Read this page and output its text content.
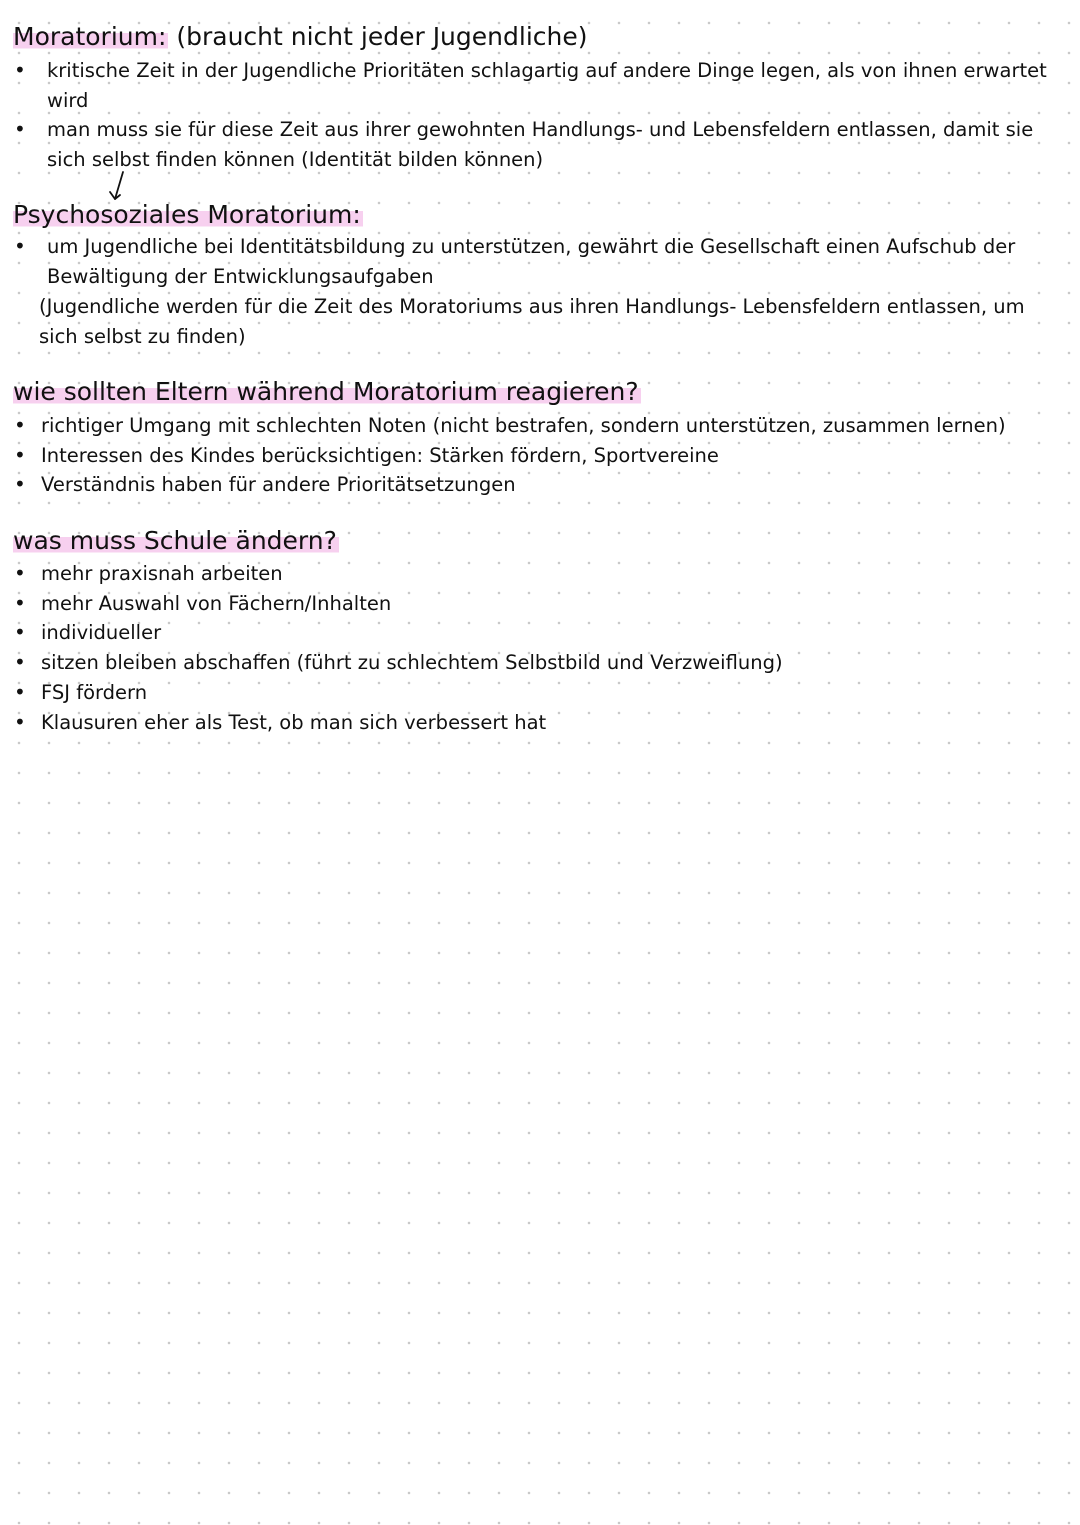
Moratorium: (braucht nicht jeder Jugendliche)
• kritische Zeit in der Jugendliche Prioritäten schlagartig auf andere Dinge legen, als von ihnen erwartet wird
• man muss sie für diese Zeit aus ihrer gewohnten Handlungs- und Lebensfeldern entlassen, damit sie sich selbst finden können (Identität bilden können)
Psychosoziales Moratorium:
• um Jugendliche bei Identitätsbildung zu unterstützen, gewährt die Gesellschaft einen Aufschub der Bewältigung der Entwicklungsaufgaben

(Jugendliche werden für die Zeit des Moratoriums aus ihren Handlungs- Lebensfeldern entlassen, um sich selbst zu finden)

wie sollten Eltern während Moratorium reagieren?
• richtiger Umgang mit schlechten Noten (nicht bestrafen, sondern unterstützen, zusammen lernen)
• Interessen des Kindes berücksichtigen: Stärken fördern, Sportvereine
• Verständnis haben für andere Prioritätsetzungen
was muss Schule ändern?
• mehr praxisnah arbeiten
• mehr Auswahl von Fächern/Inhalten
• individueller
• sitzen bleiben abschaffen (führt zu schlechtem Selbstbild und Verzweiflung)
• FSJ fördern
• Klausuren eher als Test, ob man sich verbessert hat
